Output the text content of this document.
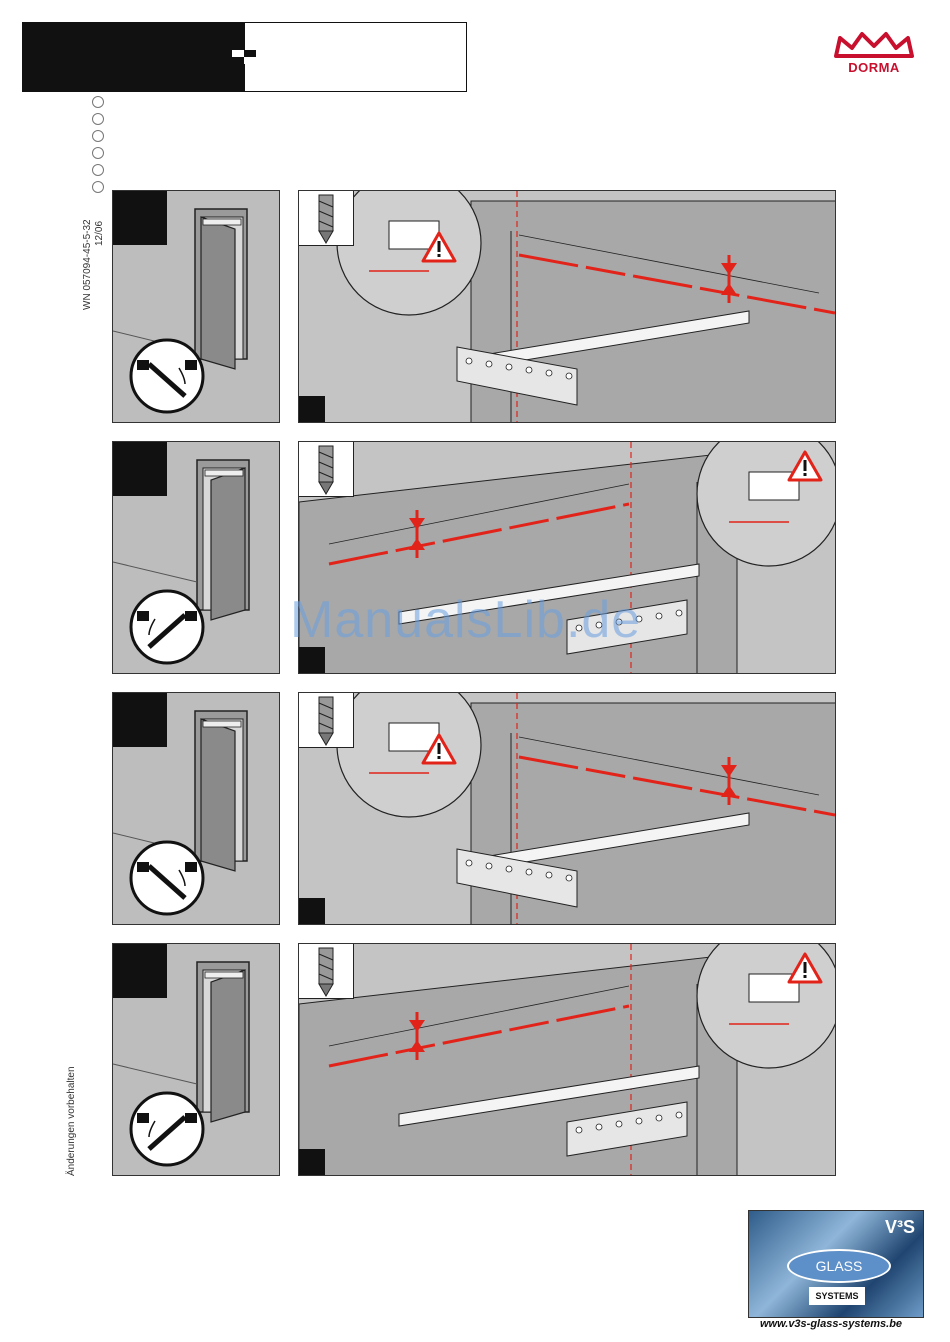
DORMA
WN 057094-45-5-32 12/06
Änderungen vorbehalten
ManualsLib.de
V³S
GLASS
SYSTEMS
www.v3s-glass-systems.be
